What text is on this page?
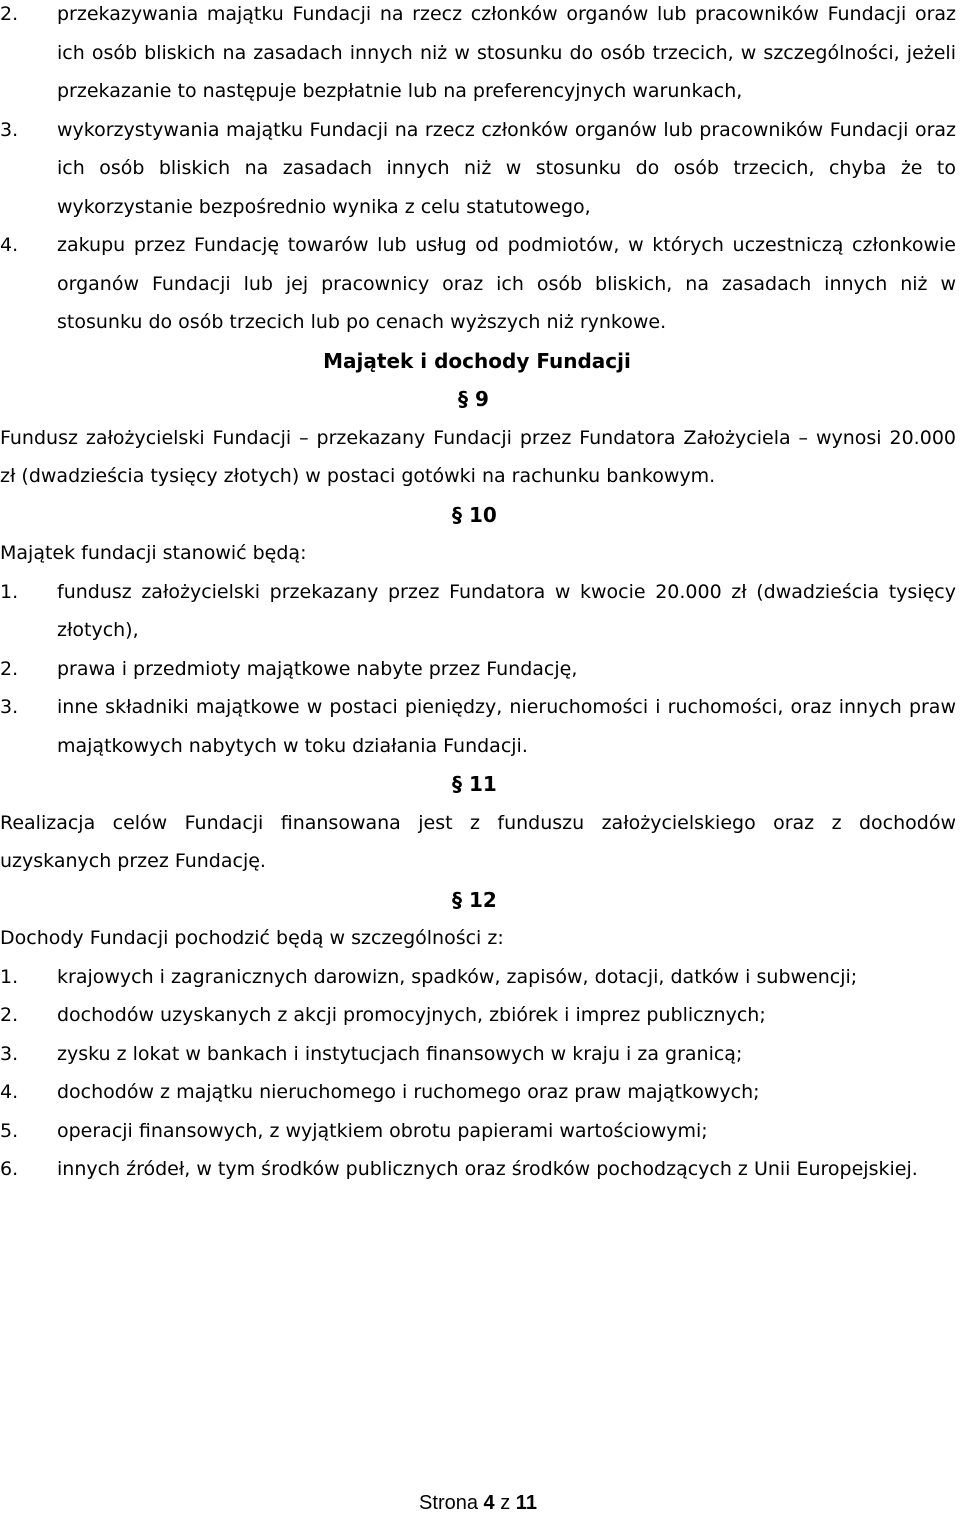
2.	przekazywania majątku Fundacji na rzecz członków organów lub pracowników Fundacji oraz ich osób bliskich na zasadach innych niż w stosunku do osób trzecich, w szczególności, jeżeli przekazanie to następuje bezpłatnie lub na preferencyjnych warunkach,
3.	wykorzystywania majątku Fundacji na rzecz członków organów lub pracowników Fundacji oraz ich osób bliskich na zasadach innych niż w stosunku do osób trzecich, chyba że to wykorzystanie bezpośrednio wynika z celu statutowego,
4.	zakupu przez Fundację towarów lub usług od podmiotów, w których uczestniczą członkowie organów Fundacji lub jej pracownicy oraz ich osób bliskich, na zasadach innych niż w stosunku do osób trzecich lub po cenach wyższych niż rynkowe.
Majątek i dochody Fundacji

§ 9

Fundusz założycielski Fundacji – przekazany Fundacji przez Fundatora Założyciela – wynosi 20.000 zł (dwadzieścia tysięcy złotych) w postaci gotówki na rachunku bankowym.

§ 10

Majątek fundacji stanowić będą:

1.	fundusz założycielski przekazany przez Fundatora w kwocie 20.000 zł (dwadzieścia tysięcy złotych),
2.	prawa i przedmioty majątkowe nabyte przez Fundację,
3.	inne składniki majątkowe w postaci pieniędzy, nieruchomości i ruchomości, oraz innych praw majątkowych nabytych w toku działania Fundacji.

§ 11

Realizacja celów Fundacji finansowana jest z funduszu założycielskiego oraz z dochodów uzyskanych przez Fundację.

§ 12

Dochody Fundacji pochodzić będą w szczególności z:

1.	krajowych i zagranicznych darowizn, spadków, zapisów, dotacji, datków i subwencji;
2.	dochodów uzyskanych z akcji promocyjnych, zbiórek i imprez publicznych;
3.	zysku z lokat w bankach i instytucjach finansowych w kraju i za granicą;
4.	dochodów z majątku nieruchomego i ruchomego oraz praw majątkowych;
5.	operacji finansowych, z wyjątkiem obrotu papierami wartościowymi;
6.	innych źródeł, w tym środków publicznych oraz środków pochodzących z Unii Europejskiej.
Strona 4 z 11
